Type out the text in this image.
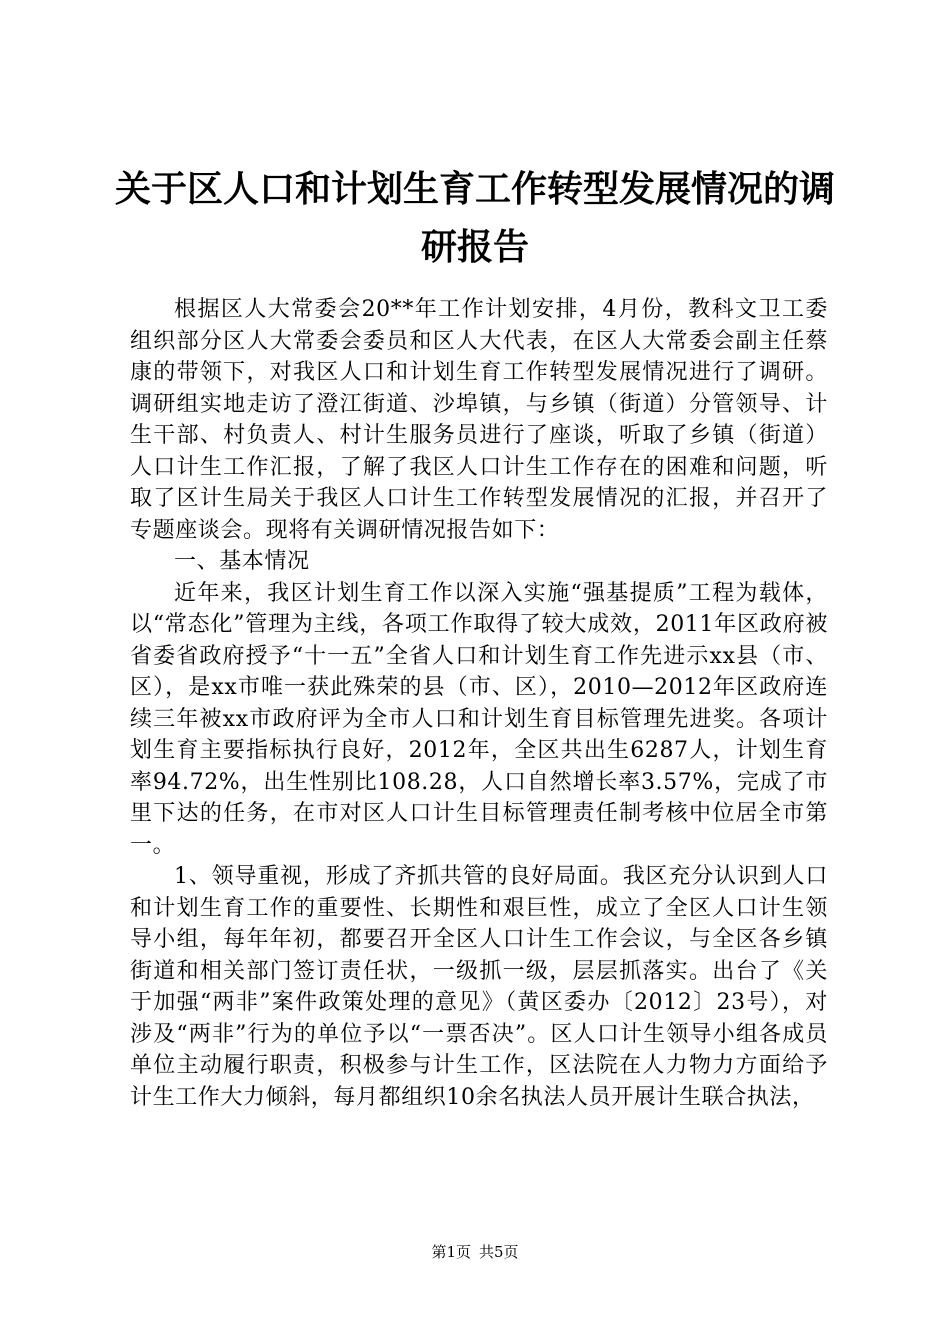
关于区人口和计划生育工作转型发展情况的调研报告

根据区人大常委会20**年工作计划安排，4月份，教科文卫工委组织部分区人大常委会委员和区人大代表，在区人大常委会副主任蔡康的带领下，对我区人口和计划生育工作转型发展情况进行了调研。调研组实地走访了澄江街道、沙埠镇，与乡镇（街道）分管领导、计生干部、村负责人、村计生服务员进行了座谈，听取了乡镇（街道）人口计生工作汇报，了解了我区人口计生工作存在的困难和问题，听取了区计生局关于我区人口计生工作转型发展情况的汇报，并召开了专题座谈会。现将有关调研情况报告如下：

一、基本情况

近年来，我区计划生育工作以深入实施“强基提质”工程为载体，以“常态化”管理为主线，各项工作取得了较大成效，2011年区政府被省委省政府授予“十一五”全省人口和计划生育工作先进示xx县（市、区），是xx市唯一获此殊荣的县（市、区），2010—2012年区政府连续三年被xx市政府评为全市人口和计划生育目标管理先进奖。各项计划生育主要指标执行良好，2012年，全区共出生6287人，计划生育率94.72%，出生性别比108.28，人口自然增长率3.57%，完成了市里下达的任务，在市对区人口计生目标管理责任制考核中位居全市第一。

1、领导重视，形成了齐抓共管的良好局面。我区充分认识到人口和计划生育工作的重要性、长期性和艰巨性，成立了全区人口计生领导小组，每年年初，都要召开全区人口计生工作会议，与全区各乡镇街道和相关部门签订责任状，一级抓一级，层层抓落实。出台了《关于加强“两非”案件政策处理的意见》（黄区委办〔2012〕23号），对涉及“两非”行为的单位予以“一票否决”。区人口计生领导小组各成员单位主动履行职责，积极参与计生工作，区法院在人力物力方面给予计生工作大力倾斜，每月都组织10余名执法人员开展计生联合执法，

第1页 共5页
